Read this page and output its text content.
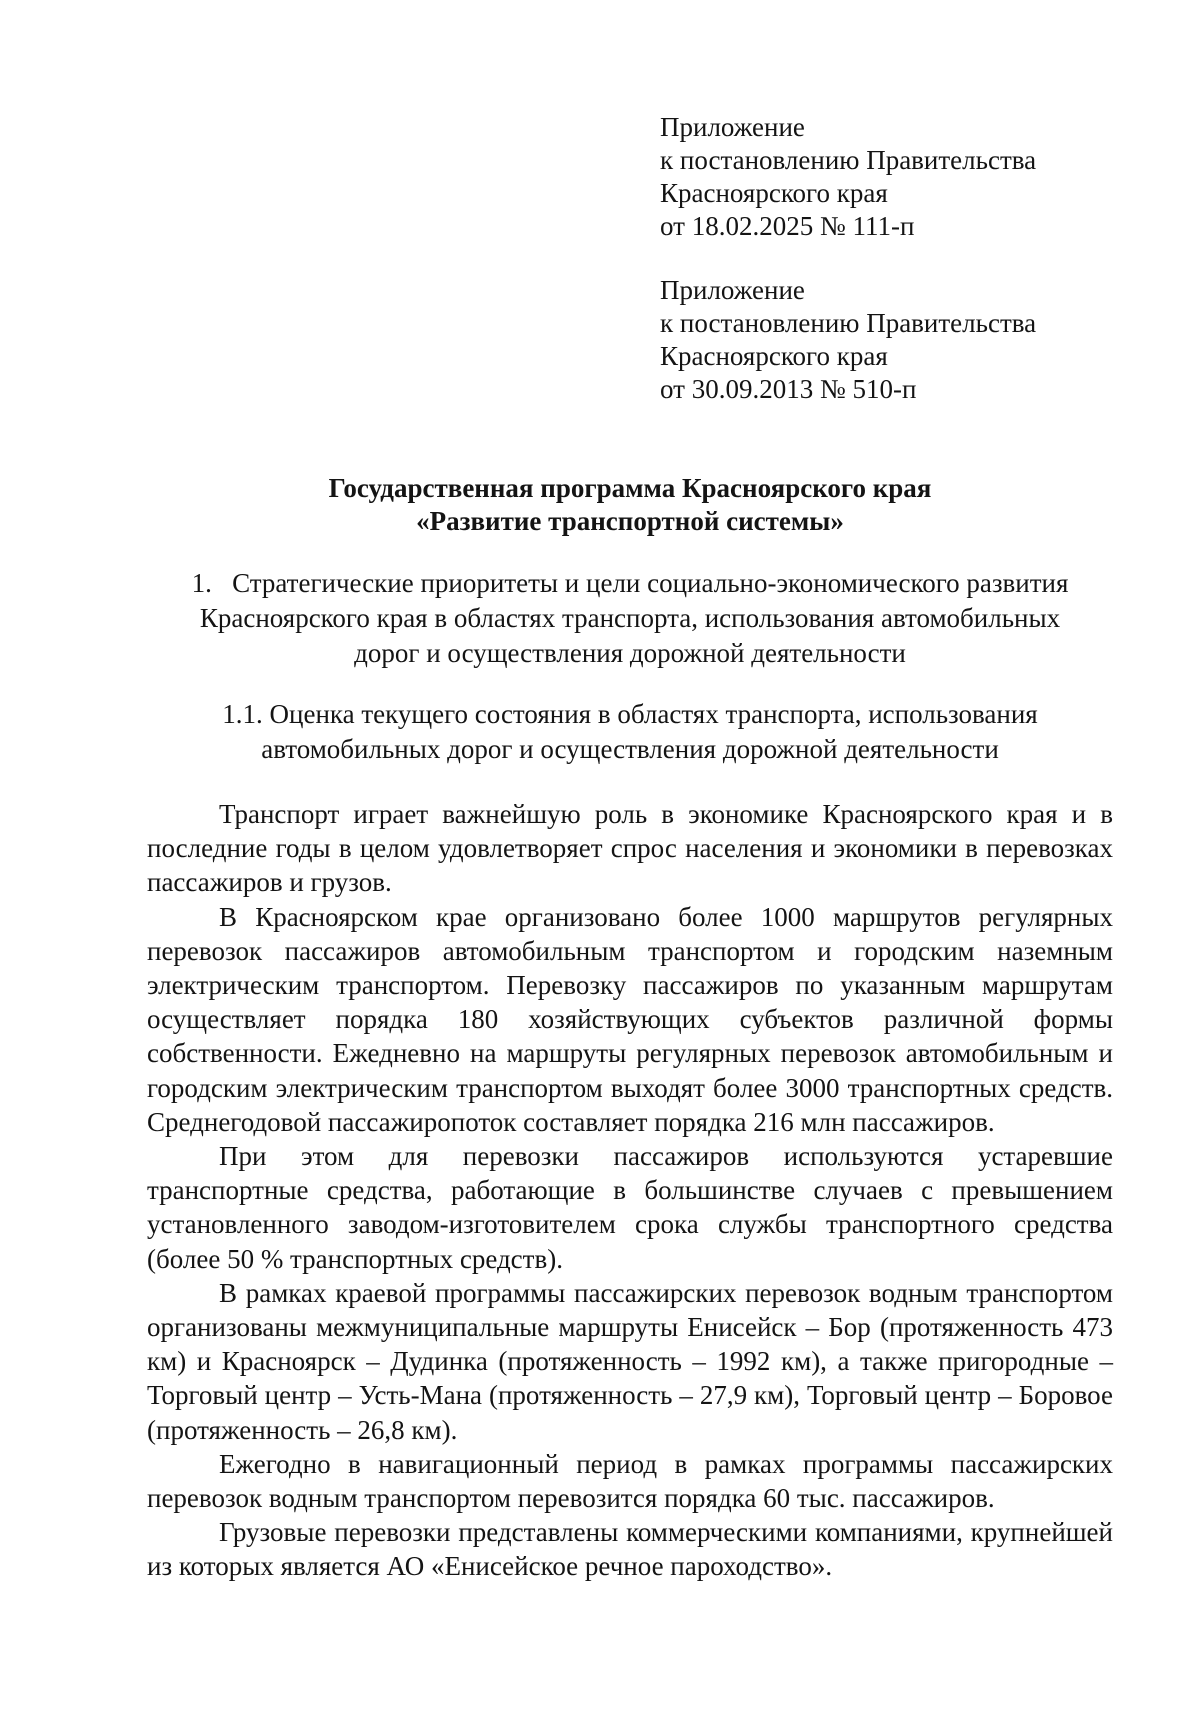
Приложение
к постановлению Правительства
Красноярского края
от 18.02.2025 № 111-п
Приложение
к постановлению Правительства
Красноярского края
от 30.09.2013 № 510-п
Государственная программа Красноярского края
«Развитие транспортной системы»
1.   Стратегические приоритеты и цели социально-экономического развития
Красноярского края в областях транспорта, использования автомобильных
дорог и осуществления дорожной деятельности
1.1. Оценка текущего состояния в областях транспорта, использования
автомобильных дорог и осуществления дорожной деятельности

Транспорт играет важнейшую роль в экономике Красноярского края и в последние годы в целом удовлетворяет спрос населения и экономики в перевозках пассажиров и грузов.

В Красноярском крае организовано более 1000 маршрутов регулярных перевозок пассажиров автомобильным транспортом и городским наземным электрическим транспортом. Перевозку пассажиров по указанным маршрутам осуществляет порядка 180 хозяйствующих субъектов различной формы собственности. Ежедневно на маршруты регулярных перевозок автомобильным и городским электрическим транспортом выходят более 3000 транспортных средств. Среднегодовой пассажиропоток составляет порядка 216 млн пассажиров.

При этом для перевозки пассажиров используются устаревшие транспортные средства, работающие в большинстве случаев с превышением установленного заводом-изготовителем срока службы транспортного средства (более 50 % транспортных средств).

В рамках краевой программы пассажирских перевозок водным транспортом организованы межмуниципальные маршруты Енисейск – Бор (протяженность 473 км) и Красноярск – Дудинка (протяженность – 1992 км), а также пригородные – Торговый центр – Усть-Мана (протяженность – 27,9 км), Торговый центр – Боровое (протяженность – 26,8 км).

Ежегодно в навигационный период в рамках программы пассажирских перевозок водным транспортом перевозится порядка 60 тыс. пассажиров.

Грузовые перевозки представлены коммерческими компаниями, крупнейшей из которых является АО «Енисейское речное пароходство».
